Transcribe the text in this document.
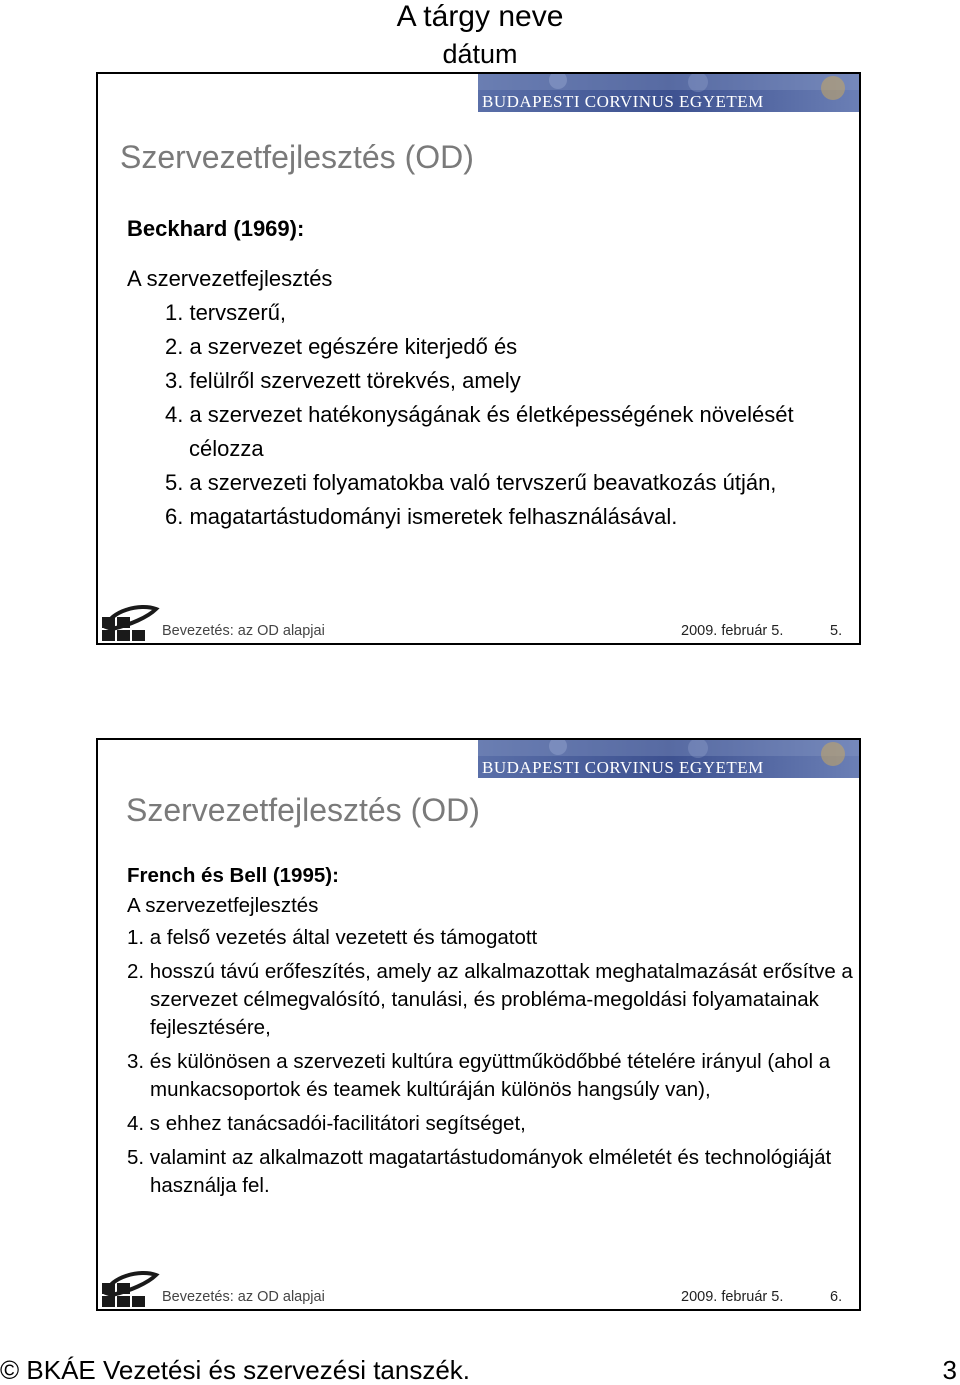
A tárgy neve
dátum
BUDAPESTI CORVINUS EGYETEM
Szervezetfejlesztés (OD)
Beckhard (1969):
A szervezetfejlesztés
1. tervszerű,
2. a szervezet egészére kiterjedő és
3. felülről szervezett törekvés, amely
4. a szervezet hatékonyságának és életképességének növelését célozza
5. a szervezeti folyamatokba való tervszerű beavatkozás útján,
6. magatartástudományi ismeretek felhasználásával.
Bevezetés: az OD alapjai	2009. február 5.	5.
BUDAPESTI CORVINUS EGYETEM
Szervezetfejlesztés (OD)
French és Bell (1995):
A szervezetfejlesztés
1. a felső vezetés által vezetett és támogatott
2. hosszú távú erőfeszítés, amely az alkalmazottak meghatalmazását erősítve a szervezet célmegvalósító, tanulási, és probléma-megoldási folyamatainak fejlesztésére,
3. és különösen a szervezeti kultúra együttműködőbbé tételére irányul (ahol a munkacsoportok és teamek kultúráján különös hangsúly van),
4. s ehhez tanácsadói-facilitátori segítséget,
5. valamint az alkalmazott magatartástudományok elméletét és technológiáját használja fel.
Bevezetés: az OD alapjai	2009. február 5.	6.
© BKÁE Vezetési és szervezési tanszék.	3
